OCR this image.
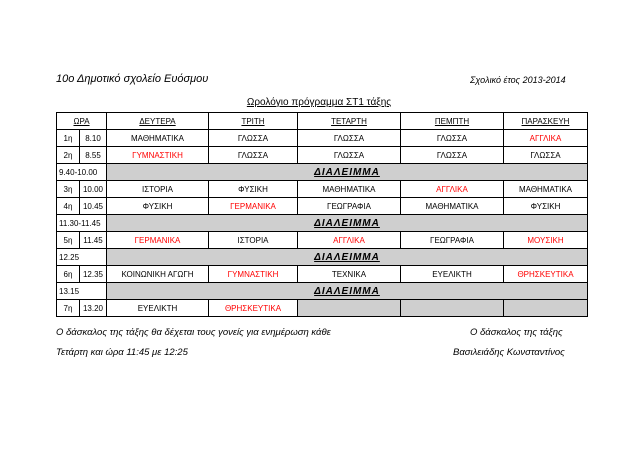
10ο Δημοτικό σχολείο Ευόσμου	Σχολικό έτος 2013-2014
Ωρολόγιο πρόγραμμα ΣΤ1 τάξης
ΩΡΑ		ΔΕΥΤΕΡΑ	ΤΡΙΤΗ	ΤΕΤΑΡΤΗ	ΠΕΜΠΤΗ	ΠΑΡΑΣΚΕΥΗ
1η	8.10	ΜΑΘΗΜΑΤΙΚΑ	ΓΛΩΣΣΑ	ΓΛΩΣΣΑ	ΓΛΩΣΣΑ	ΑΓΓΛΙΚΑ
2η	8.55	ΓΥΜΝΑΣΤΙΚΗ	ΓΛΩΣΣΑ	ΓΛΩΣΣΑ	ΓΛΩΣΣΑ	ΓΛΩΣΣΑ
9.40-10.00		ΔΙΑΛΕΙΜΜΑ				
3η	10.00	ΙΣΤΟΡΙΑ	ΦΥΣΙΚΗ	ΜΑΘΗΜΑΤΙΚΑ	ΑΓΓΛΙΚΑ	ΜΑΘΗΜΑΤΙΚΑ
4η	10.45	ΦΥΣΙΚΗ	ΓΕΡΜΑΝΙΚΑ	ΓΕΩΓΡΑΦΙΑ	ΜΑΘΗΜΑΤΙΚΑ	ΦΥΣΙΚΗ
11.30-11.45		ΔΙΑΛΕΙΜΜΑ				
5η	11.45	ΓΕΡΜΑΝΙΚΑ	ΙΣΤΟΡΙΑ	ΑΓΓΛΙΚΑ	ΓΕΩΓΡΑΦΙΑ	ΜΟΥΣΙΚΗ
12.25		ΔΙΑΛΕΙΜΜΑ				
6η	12.35	ΚΟΙΝΩΝΙΚΗ ΑΓΩΓΗ	ΓΥΜΝΑΣΤΙΚΗ	ΤΕΧΝΙΚΑ	ΕΥΕΛΙΚΤΗ	ΘΡΗΣΚΕΥΤΙΚΑ
13.15		ΔΙΑΛΕΙΜΜΑ				
7η	13.20	ΕΥΕΛΙΚΤΗ	ΘΡΗΣΚΕΥΤΙΚΑ			
Ο δάσκαλος της τάξης θα δέχεται τους γονείς για ενημέρωση κάθε
Τετάρτη και ώρα 11:45 με 12:25
Ο δάσκαλος της τάξης
Βασιλειάδης Κωνσταντίνος
